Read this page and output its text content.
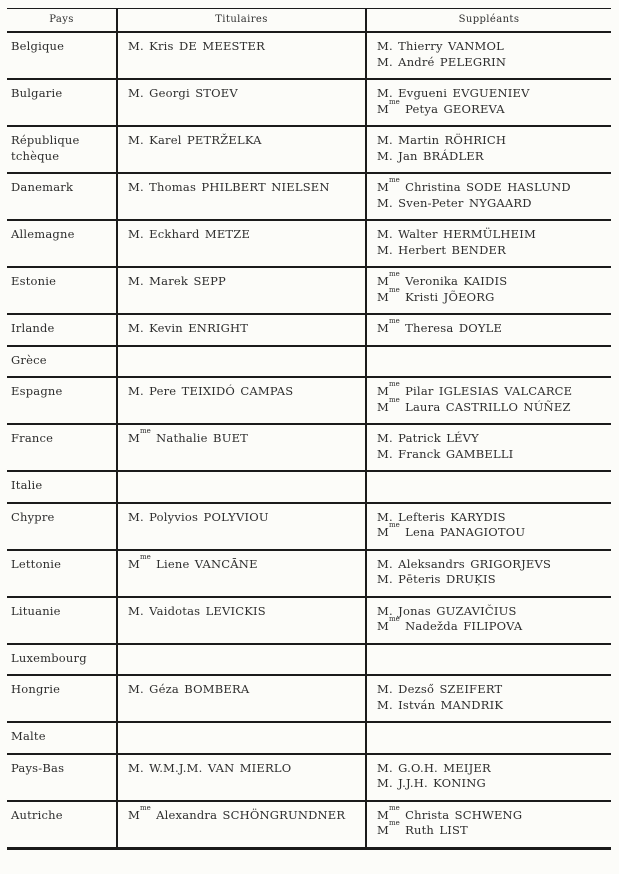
Pays	Titulaires	Suppléants
Belgique	M. Kris DE MEESTER	M. Thierry VANMOL
M. André PELEGRIN

Bulgarie	M. Georgi STOEV	M. Evgueni EVGUENIEV
$M^{me}$ Petya GEOREVA

République tchèque	M. Karel PETRŽELKA	M. Martin RÖHRICH
M. Jan BRÁDLER

Danemark	M. Thomas PHILBERT NIELSEN	$M^{me}$ Christina SODE HASLUND
M. Sven-Peter NYGAARD

Allemagne	M. Eckhard METZE	M. Walter HERMÜLHEIM
M. Herbert BENDER

Estonie	M. Marek SEPP	$M^{me}$ Veronika KAIDIS
$M^{me}$ Kristi JÕEORG

Irlande	M. Kevin ENRIGHT	$M^{me}$ Theresa DOYLE

Grèce		
Espagne	M. Pere TEIXIDÓ CAMPAS	$M^{me}$ Pilar IGLESIAS VALCARCE
$M^{me}$ Laura CASTRILLO NÚÑEZ

France	$M^{me}$ Nathalie BUET	M. Patrick LÉVY
M. Franck GAMBELLI

Italie		
Chypre	M. Polyvios POLYVIOU	M. Lefteris KARYDIS
$M^{me}$ Lena PANAGIOTOU

Lettonie	$M^{me}$ Liene VANCĀNE	M. Aleksandrs GRIGORJEVS
M. Pēteris DRUĶIS

Lituanie	M. Vaidotas LEVICKIS	M. Jonas GUZAVIČIUS
$M^{me}$ Nadežda FILIPOVA

Luxembourg		
Hongrie	M. Géza BOMBERA	M. Dezső SZEIFERT
M. István MANDRIK

Malte		
Pays-Bas	M. W.M.J.M. VAN MIERLO	M. G.O.H. MEIJER
M. J.J.H. KONING

Autriche	$M^{me}$ Alexandra SCHÖNGRUNDNER	$M^{me}$ Christa SCHWENG
$M^{me}$ Ruth LIST
